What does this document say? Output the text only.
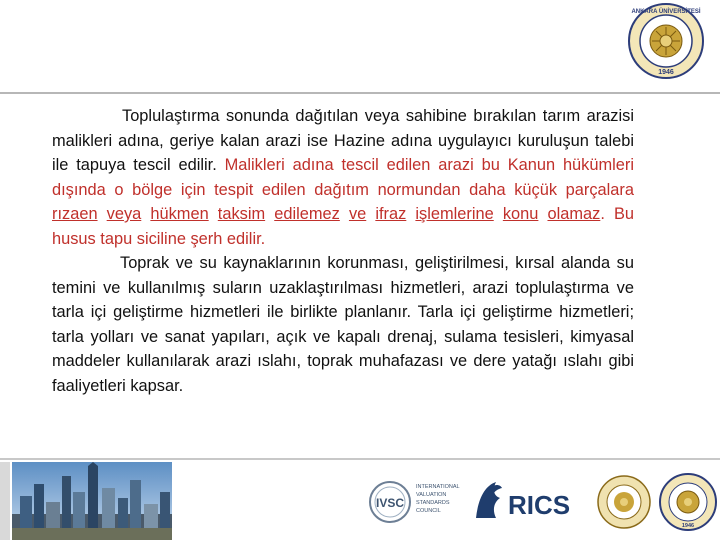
1946
ANKARA ÜNİVERSİTESİ

Toplulaştırma sonunda dağıtılan veya sahibine bırakılan tarım arazisi malikleri adına, geriye kalan arazi ise Hazine adına uygulayıcı kuruluşun talebi ile tapuya tescil edilir. Malikleri adına tescil edilen arazi bu Kanun hükümleri dışında o bölge için tespit edilen dağıtım normundan daha küçük parçalara rızaen veya hükmen taksim edilemez ve ifraz işlemlerine konu olamaz. Bu husus tapu siciline şerh edilir.

Toprak ve su kaynaklarının korunması, geliştirilmesi, kırsal alanda su temini ve kullanılmış suların uzaklaştırılması hizmetleri, arazi toplulaştırma ve tarla içi geliştirme hizmetleri ile birlikte planlanır. Tarla içi geliştirme hizmetleri; tarla yolları ve sanat yapıları, açık ve kapalı drenaj, sulama tesisleri, kimyasal maddeler kullanılarak arazi ıslahı, toprak muhafazası ve dere yatağı ıslahı gibi faaliyetleri kapsar.

IVSC
INTERNATIONAL
VALUATION
STANDARDS
COUNCIL	RICS
1946
